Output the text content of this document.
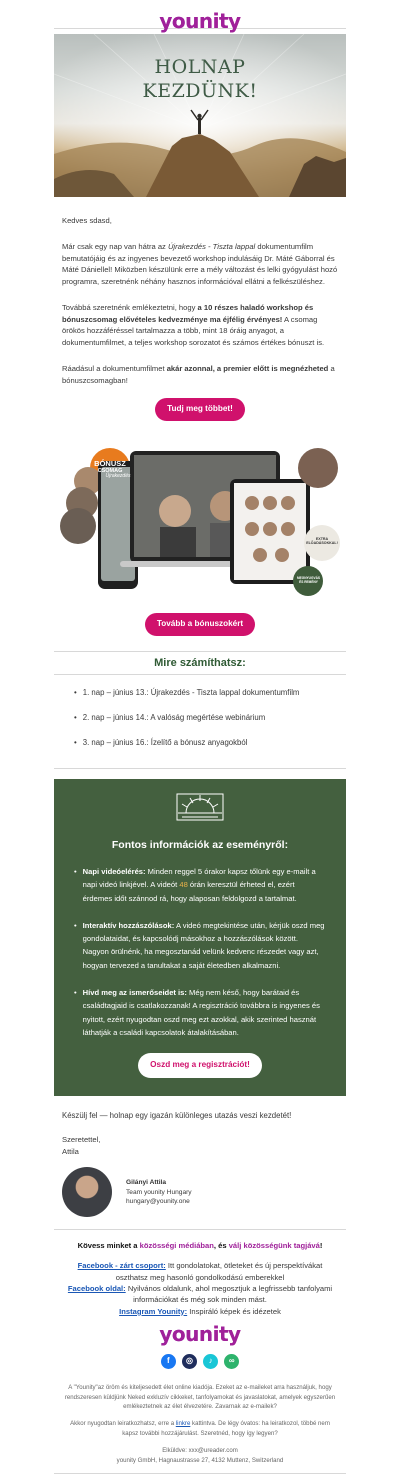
younity
HOLNAP
KEZDÜNK!

Kedves sdasd,

Már csak egy nap van hátra az Újrakezdés - Tiszta lappal dokumentumfilm bemutatójáig és az ingyenes bevezető workshop indulásáig Dr. Máté Gáborral és Máté Dániellel! Miközben készülünk erre a mély változást és lelki gyógyulást hozó programra, szeretnénk néhány hasznos információval ellátni a felkészüléshez.

Továbbá szeretnénk emlékeztetni, hogy a 10 részes haladó workshop és bónuszcsomag elővételes kedvezménye ma éjfélig érvényes! A csomag örökös hozzáféréssel tartalmazza a több, mint 18 óráig anyagot, a dokumentumfilmet, a teljes workshop sorozatot és számos értékes bónuszt is.

Ráadásul a dokumentumfilmet akár azonnal, a premier előtt is megnézheted a bónuszcsomagban!

Tudj meg többet!
BÓNUSZ
CSOMAG
Újrakezdés
EXTRA ELŐADÁSOKKAL!
MEGNYUGVÁS ÉS REMÉNY
Tovább a bónuszokért
Mire számíthatsz:
• 1. nap – június 13.: Újrakezdés - Tiszta lappal dokumentumfilm
• 2. nap – június 14.: A valóság megértése webinárium
• 3. nap – június 16.: Ízelítő a bónusz anyagokból
Fontos információk az eseményről:
• Napi videóelérés: Minden reggel 5 órakor kapsz tőlünk egy e-mailt a napi videó linkjével. A videót 48 órán keresztül érheted el, ezért érdemes időt szánnod rá, hogy alaposan feldolgozd a tartalmat.
• Interaktív hozzászólások: A videó megtekintése után, kérjük oszd meg gondolataidat, és kapcsolódj másokhoz a hozzászólások között. Nagyon örülnénk, ha megosztanád velünk kedvenc részedet vagy azt, hogyan tervezed a tanultakat a saját életedben alkalmazni.
• Hívd meg az ismerőseidet is: Még nem késő, hogy barátaid és családtagjaid is csatlakozzanak! A regisztráció továbbra is ingyenes és nyitott, ezért nyugodtan oszd meg ezt azokkal, akik szerinted hasznát láthatják a családi kapcsolatok átalakításában.
Oszd meg a regisztrációt!

Készülj fel — holnap egy igazán különleges utazás veszi kezdetét!

Szeretettel,

Attila

Gilányi Attila
Team younity Hungary
hungary@younity.one
Kövess minket a közösségi médiában, és válj közösségünk tagjává!
Facebook - zárt csoport: Itt gondolatokat, ötleteket és új perspektívákat oszthatsz meg hasonló gondolkodású emberekkel
Facebook oldal: Nyilvános oldalunk, ahol megosztjuk a legfrissebb tanfolyami információkat és még sok minden mást.
Instagram Younity: Inspiráló képek és idézetek
younity
f ◎ ♪ ∞

A "Younity"az öröm és kiteljesedett élet online kiadója. Ezeket az e-maileket arra használjuk, hogy rendszeresen küldjünk Neked exkluzív cikkeket, tanfolyamokat és javaslatokat, amelyek egyszerűen emlékeztetnek az élet élvezetére. Zavarnak az e-mailek?

Akkor nyugodtan leiratkozhatsz, erre a linkre kattintva. De légy óvatos: ha leiratkozol, többé nem kapsz további hozzájárulást. Szeretnéd, hogy így legyen?

Elküldve: xxx@ureader.com

younity GmbH, Hagnaustrasse 27, 4132 Muttenz, Switzerland
